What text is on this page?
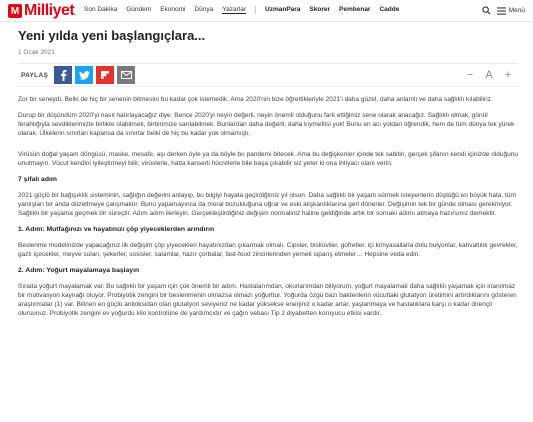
M Milliyet Son Dakika Gündem Ekonomi Dünya Yazarlar	UzmanPara Skorer Pembenar Cadde	Menü
Yeni yılda yeni başlangıçlara...
1 Ocak 2021
PAYLAŞ	−	A	+

Zor bir seneydi. Belki de hiç bir senenin bitmesini bu kadar çok istemedik. Ama 2020'nin bize öğrettikleriyle 2021'i daha güzel, daha anlamlı ve daha sağlıklı kılabiliriz.

Durup bir düşündüm 2020'yi nasıl hatırlayacağız diye. Bence 2020'yi neyin değerli, neyin önemli olduğunu fark ettiğimiz sene olarak anacağız. Sağlıklı olmak, gönül ferahlığıyla sevdiklerimizle birlikte olabilmek, birbirimize sarılabilmek. Bunlardan daha değerli; daha kıymetlisi yok! Bunu en acı yoldan öğrendik, hem de tüm dünya tek yürek olarak. Ülkelerin sınırları kapansa da sınırlar belki de hiç bu kadar yok olmamıştı.

Virüsün doğal yaşam döngüsü, maske, mesafe, aşı derken öyle ya da böyle bu pandemi bitecek. Ama bu değişkenler içinde tek sabitin, gerçek şifanın kendi içinizde olduğunu unutmayın. Vücut kendini iyileştirmeyi bilir, virüslerle, hatta kanserli hücrelerle bile başa çıkabilir siz yeter ki ona ihtiyacı olanı verin.

7 şifalı adım

2021 güçlü bir bağışıklık sisteminin, sağlığın değerini anlayıp, bu bilgiyi hayata geçirdiğimiz yıl olsun. Daha sağlıklı bir yaşam sürmek isteyenlerin düştüğü en büyük hata, tüm yanlışları bir anda düzeltmeye çalışmaktır. Bunu yapamayınca da moral bozukluğuna uğrar ve eski alışkanlıklarına geri dönerler. Değişimin tek bir günde olması gerekmiyor. Sağlıklı bir yaşama geçmek bir süreçtir. Adım adım ilerleyin. Gerçekleştirdiğiniz değişim normaliniz haline geldiğinde artık bir sonraki adımı atmaya hazırsınız demektir.

1. Adım: Mutfağınızı ve hayatınızı çöp yiyeceklerden arındırın

Beslenme modelinizde yapacağınız ilk değişim çöp yiyecekleri hayatınızdan çıkarmak olmalı. Cipsler, bisküviler, gofretler, içi kimyasallarla dolu bulyonlar, kahvaltılık gevrekler, gazlı içecekler, meyve suları, şekerler, sosisler, salamlar, hazır çorbalar, fast-food zincirlerinden yemek siparış etmeler… Hepsine veda edin.

2. Adım: Yoğurt mayalamaya başlayın

Sırada yoğurt mayalamak var. Bu sağlıklı bir yaşam için çok önemli bir adım. Hastalarımdan, okurlarımdan biliyorum, yoğurt mayalamak daha sağlıklı yaşamak için inanılmaz bir motivasyon kaynağı oluyor. Probiyotik zengini bir beslenmenin olmazsa olmazı yoğurttur. Yoğurda özgü bazı bakterilerin vücuttaki glutatyon üretimini artırdıklarını gösteren araştırmalar (1) var. Bilinen en güçlü antioksidan olan glutatyon seviyeniz ne kadar yüksekse enerjiniz o kadar artar, yaşlanmaya ve hastalıklara karşı o kadar dirençli olursunuz. Probiyotik zengini ev yoğurdu kilo kontrolüne de yardımcıdır ve çağın vebası Tip 2 diyabetten koruyucu etkisi vardır.
